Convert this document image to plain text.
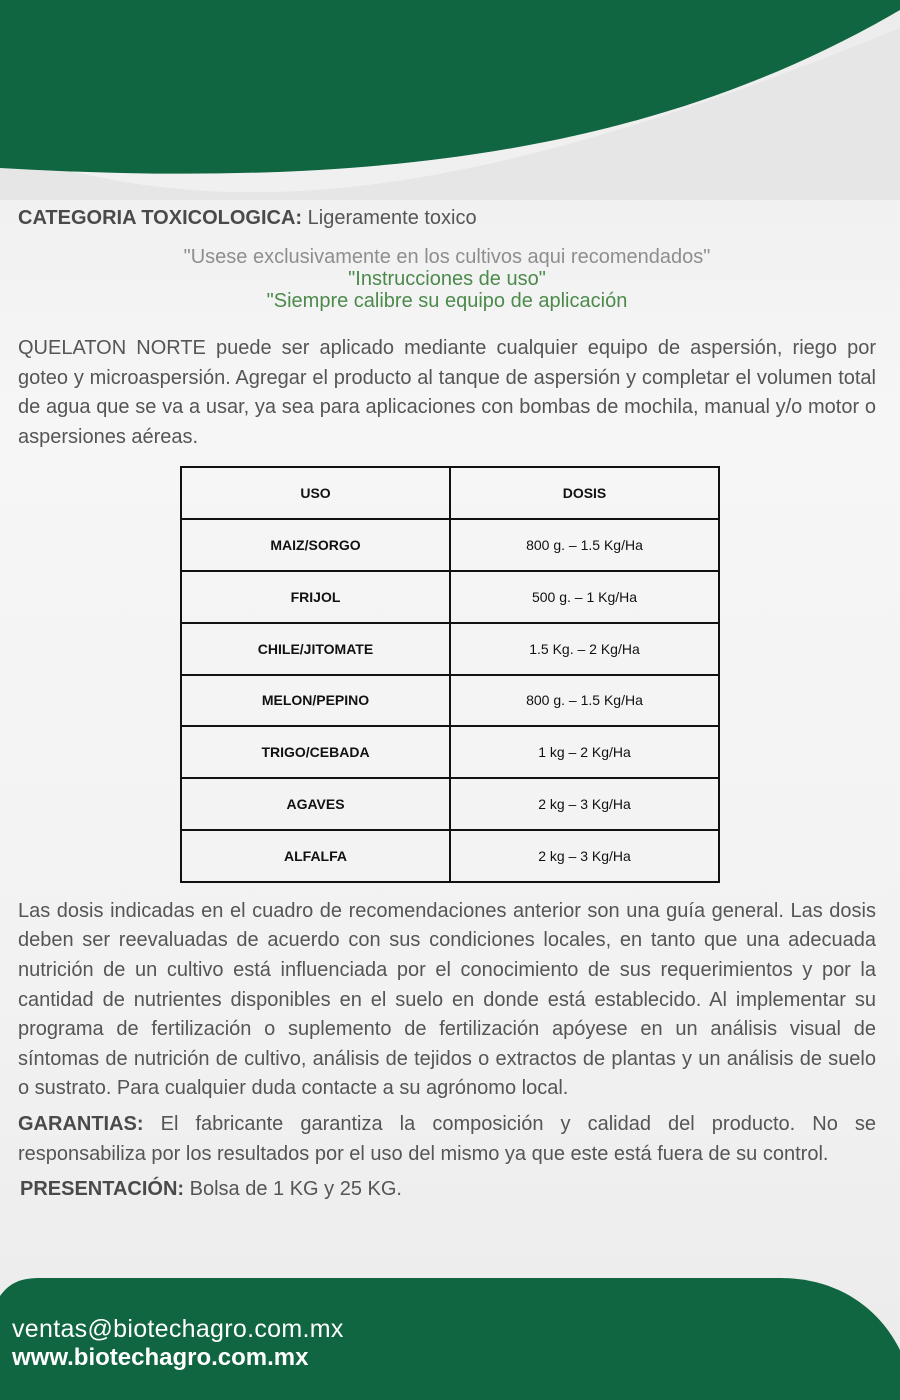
CATEGORIA TOXICOLOGICA: Ligeramente toxico

"Usese exclusivamente en los cultivos aqui recomendados"
"Instrucciones de uso"
"Siempre calibre su equipo de aplicación

QUELATON NORTE puede ser aplicado mediante cualquier equipo de aspersión, riego por goteo y microaspersión. Agregar el producto al tanque de aspersión y completar el volumen total de agua que se va a usar, ya sea para aplicaciones con bombas de mochila, manual y/o motor o aspersiones aéreas.

USO	DOSIS
MAIZ/SORGO	800 g. – 1.5 Kg/Ha
FRIJOL	500 g. – 1 Kg/Ha
CHILE/JITOMATE	1.5 Kg. – 2 Kg/Ha
MELON/PEPINO	800 g. – 1.5 Kg/Ha
TRIGO/CEBADA	1 kg – 2 Kg/Ha
AGAVES	2 kg – 3 Kg/Ha
ALFALFA	2 kg – 3 Kg/Ha

Las dosis indicadas en el cuadro de recomendaciones anterior son una guía general. Las dosis deben ser reevaluadas de acuerdo con sus condiciones locales, en tanto que una adecuada nutrición de un cultivo está influenciada por el conocimiento de sus requerimientos y por la cantidad de nutrientes disponibles en el suelo en donde está establecido. Al implementar su programa de fertilización o suplemento de fertilización apóyese en un análisis visual de síntomas de nutrición de cultivo, análisis de tejidos o extractos de plantas y un análisis de suelo o sustrato. Para cualquier duda contacte a su agrónomo local.

GARANTIAS: El fabricante garantiza la composición y calidad del producto. No se responsabiliza por los resultados por el uso del mismo ya que este está fuera de su control.

PRESENTACIÓN: Bolsa de 1 KG y 25 KG.

ventas@biotechagro.com.mx
www.biotechagro.com.mx
